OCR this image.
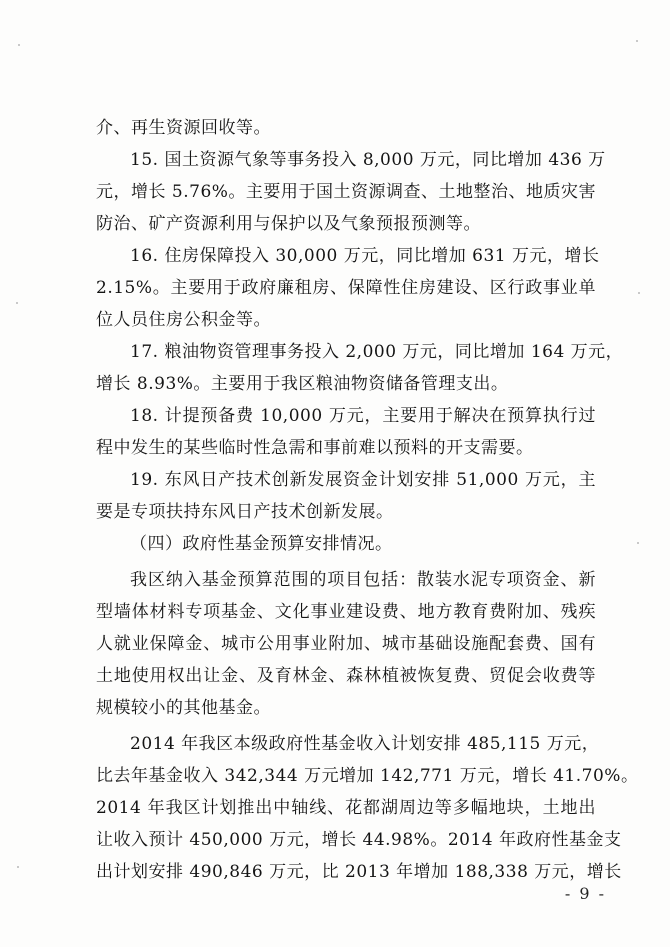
介、再生资源回收等。
15. 国土资源气象等事务投入 8,000 万元，同比增加 436 万
元，增长 5.76%。主要用于国土资源调查、土地整治、地质灾害
防治、矿产资源利用与保护以及气象预报预测等。
16. 住房保障投入 30,000 万元，同比增加 631 万元，增长
2.15%。主要用于政府廉租房、保障性住房建设、区行政事业单
位人员住房公积金等。
17. 粮油物资管理事务投入 2,000 万元，同比增加 164 万元，
增长 8.93%。主要用于我区粮油物资储备管理支出。
18. 计提预备费 10,000 万元，主要用于解决在预算执行过
程中发生的某些临时性急需和事前难以预料的开支需要。
19. 东风日产技术创新发展资金计划安排 51,000 万元，主
要是专项扶持东风日产技术创新发展。
（四）政府性基金预算安排情况。
我区纳入基金预算范围的项目包括：散装水泥专项资金、新
型墙体材料专项基金、文化事业建设费、地方教育费附加、残疾
人就业保障金、城市公用事业附加、城市基础设施配套费、国有
土地使用权出让金、及育林金、森林植被恢复费、贸促会收费等
规模较小的其他基金。
2014 年我区本级政府性基金收入计划安排 485,115 万元，
比去年基金收入 342,344 万元增加 142,771 万元，增长 41.70%。
2014 年我区计划推出中轴线、花都湖周边等多幅地块，土地出
让收入预计 450,000 万元，增长 44.98%。2014 年政府性基金支
出计划安排 490,846 万元，比 2013 年增加 188,338 万元，增长
- 9 -
